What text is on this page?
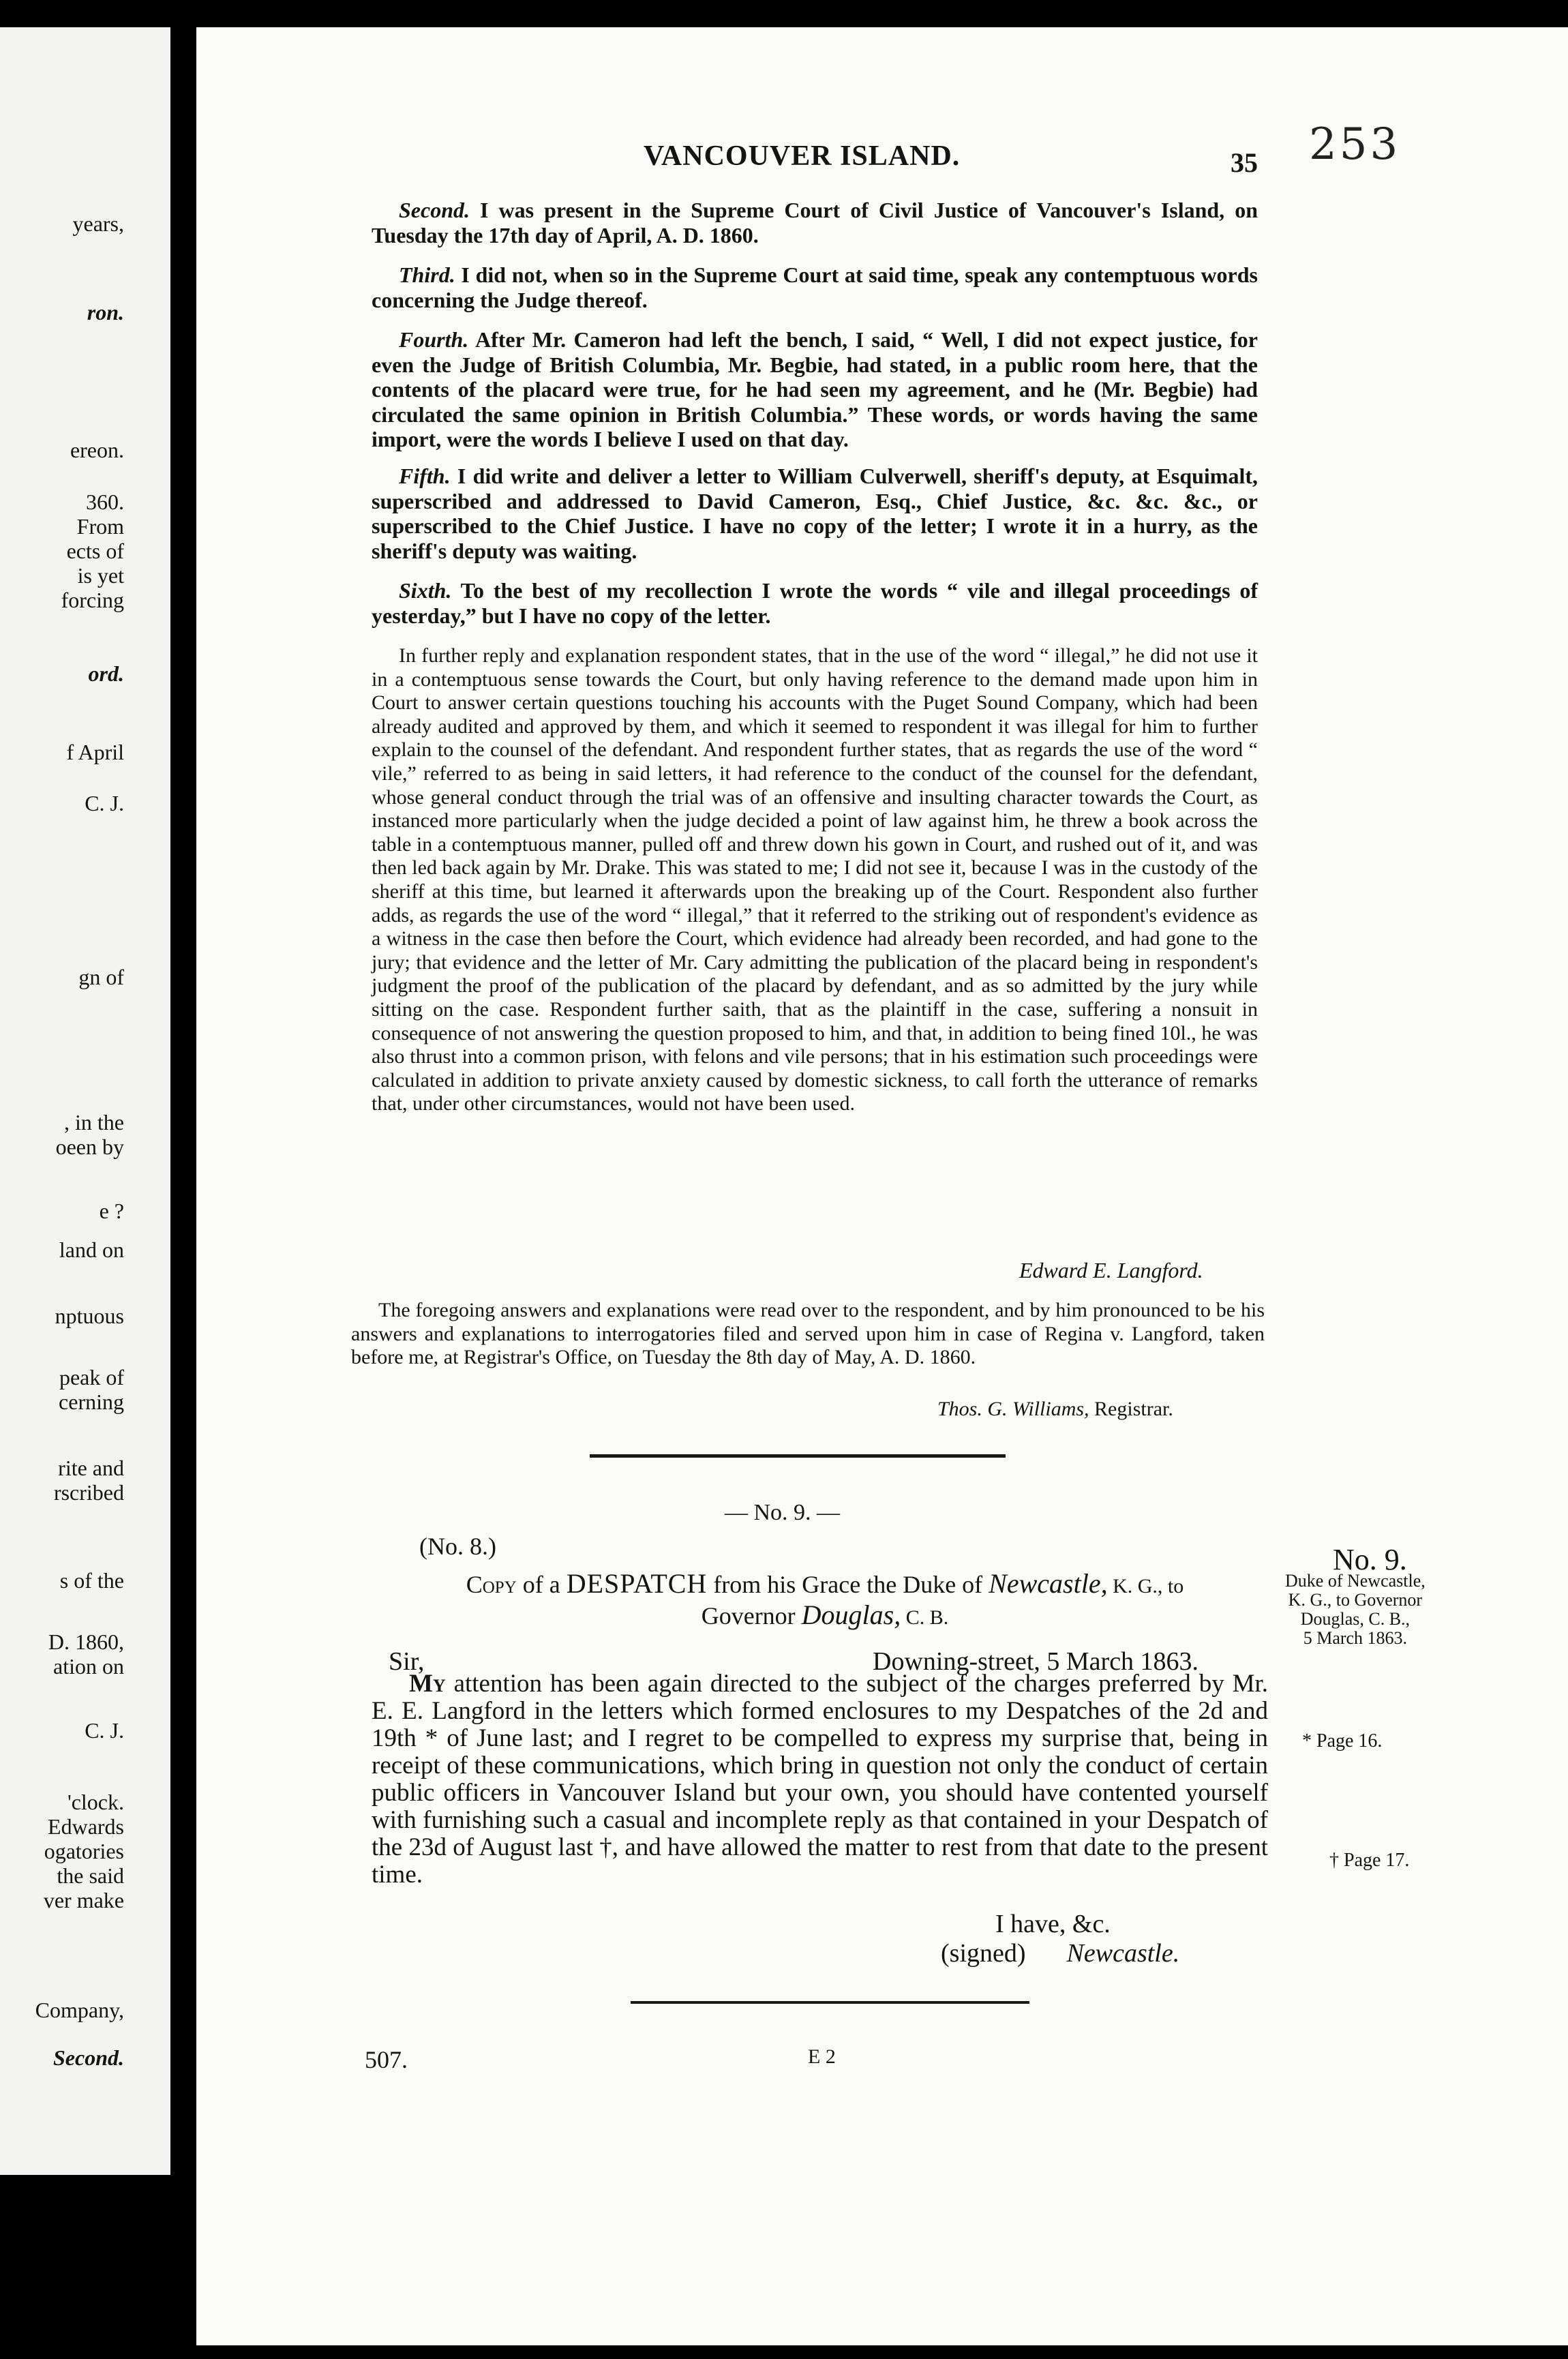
years,
ron.
ereon.
360.
From
ects of
is yet
forcing
ord.
f April
C. J.
gn of
, in the
oeen by
e ?
land on
nptuous
peak of
cerning
rite and
rscribed
s of the
D. 1860,
ation on
C. J.
'clock.
Edwards
ogatories
the said
ver make
Company,
Second.
253
VANCOUVER ISLAND.	35

Second. I was present in the Supreme Court of Civil Justice of Vancouver's Island, on Tuesday the 17th day of April, A. D. 1860.

Third. I did not, when so in the Supreme Court at said time, speak any contemptuous words concerning the Judge thereof.

Fourth. After Mr. Cameron had left the bench, I said, “ Well, I did not expect justice, for even the Judge of British Columbia, Mr. Begbie, had stated, in a public room here, that the contents of the placard were true, for he had seen my agreement, and he (Mr. Begbie) had circulated the same opinion in British Columbia.” These words, or words having the same import, were the words I believe I used on that day.

Fifth. I did write and deliver a letter to William Culverwell, sheriff's deputy, at Esquimalt, superscribed and addressed to David Cameron, Esq., Chief Justice, &c. &c. &c., or superscribed to the Chief Justice. I have no copy of the letter; I wrote it in a hurry, as the sheriff's deputy was waiting.

Sixth. To the best of my recollection I wrote the words “ vile and illegal proceedings of yesterday,” but I have no copy of the letter.

In further reply and explanation respondent states, that in the use of the word “ illegal,” he did not use it in a contemptuous sense towards the Court, but only having reference to the demand made upon him in Court to answer certain questions touching his accounts with the Puget Sound Company, which had been already audited and approved by them, and which it seemed to respondent it was illegal for him to further explain to the counsel of the defendant. And respondent further states, that as regards the use of the word “ vile,” referred to as being in said letters, it had reference to the conduct of the counsel for the defendant, whose general conduct through the trial was of an offensive and insulting character towards the Court, as instanced more particularly when the judge decided a point of law against him, he threw a book across the table in a contemptuous manner, pulled off and threw down his gown in Court, and rushed out of it, and was then led back again by Mr. Drake. This was stated to me; I did not see it, because I was in the custody of the sheriff at this time, but learned it afterwards upon the breaking up of the Court. Respondent also further adds, as regards the use of the word “ illegal,” that it referred to the striking out of respondent's evidence as a witness in the case then before the Court, which evidence had already been recorded, and had gone to the jury; that evidence and the letter of Mr. Cary admitting the publication of the placard being in respondent's judgment the proof of the publication of the placard by defendant, and as so admitted by the jury while sitting on the case. Respondent further saith, that as the plaintiff in the case, suffering a nonsuit in consequence of not answering the question proposed to him, and that, in addition to being fined 10l., he was also thrust into a common prison, with felons and vile persons; that in his estimation such proceedings were calculated in addition to private anxiety caused by domestic sickness, to call forth the utterance of remarks that, under other circumstances, would not have been used.

Edward E. Langford.

The foregoing answers and explanations were read over to the respondent, and by him pronounced to be his answers and explanations to interrogatories filed and served upon him in case of Regina v. Langford, taken before me, at Registrar's Office, on Tuesday the 8th day of May, A. D. 1860.

Thos. G. Williams, Registrar.
— No. 9. —
(No. 8.)

Copy of a DESPATCH from his Grace the Duke of Newcastle, K. G., to
Governor Douglas, C. B.

Sir,	Downing-street, 5 March 1863.

My attention has been again directed to the subject of the charges preferred by Mr. E. E. Langford in the letters which formed enclosures to my Despatches of the 2d and 19th * of June last; and I regret to be compelled to express my surprise that, being in receipt of these communications, which bring in question not only the conduct of certain public officers in Vancouver Island but your own, you should have contented yourself with furnishing such a casual and incomplete reply as that contained in your Despatch of the 23d of August last †, and have allowed the matter to rest from that date to the present time.

I have, &c.
(signed) Newcastle.
No. 9.
Duke of Newcastle,
K. G., to Governor
Douglas, C. B.,
5 March 1863.
* Page 16.
† Page 17.
507.	E 2
